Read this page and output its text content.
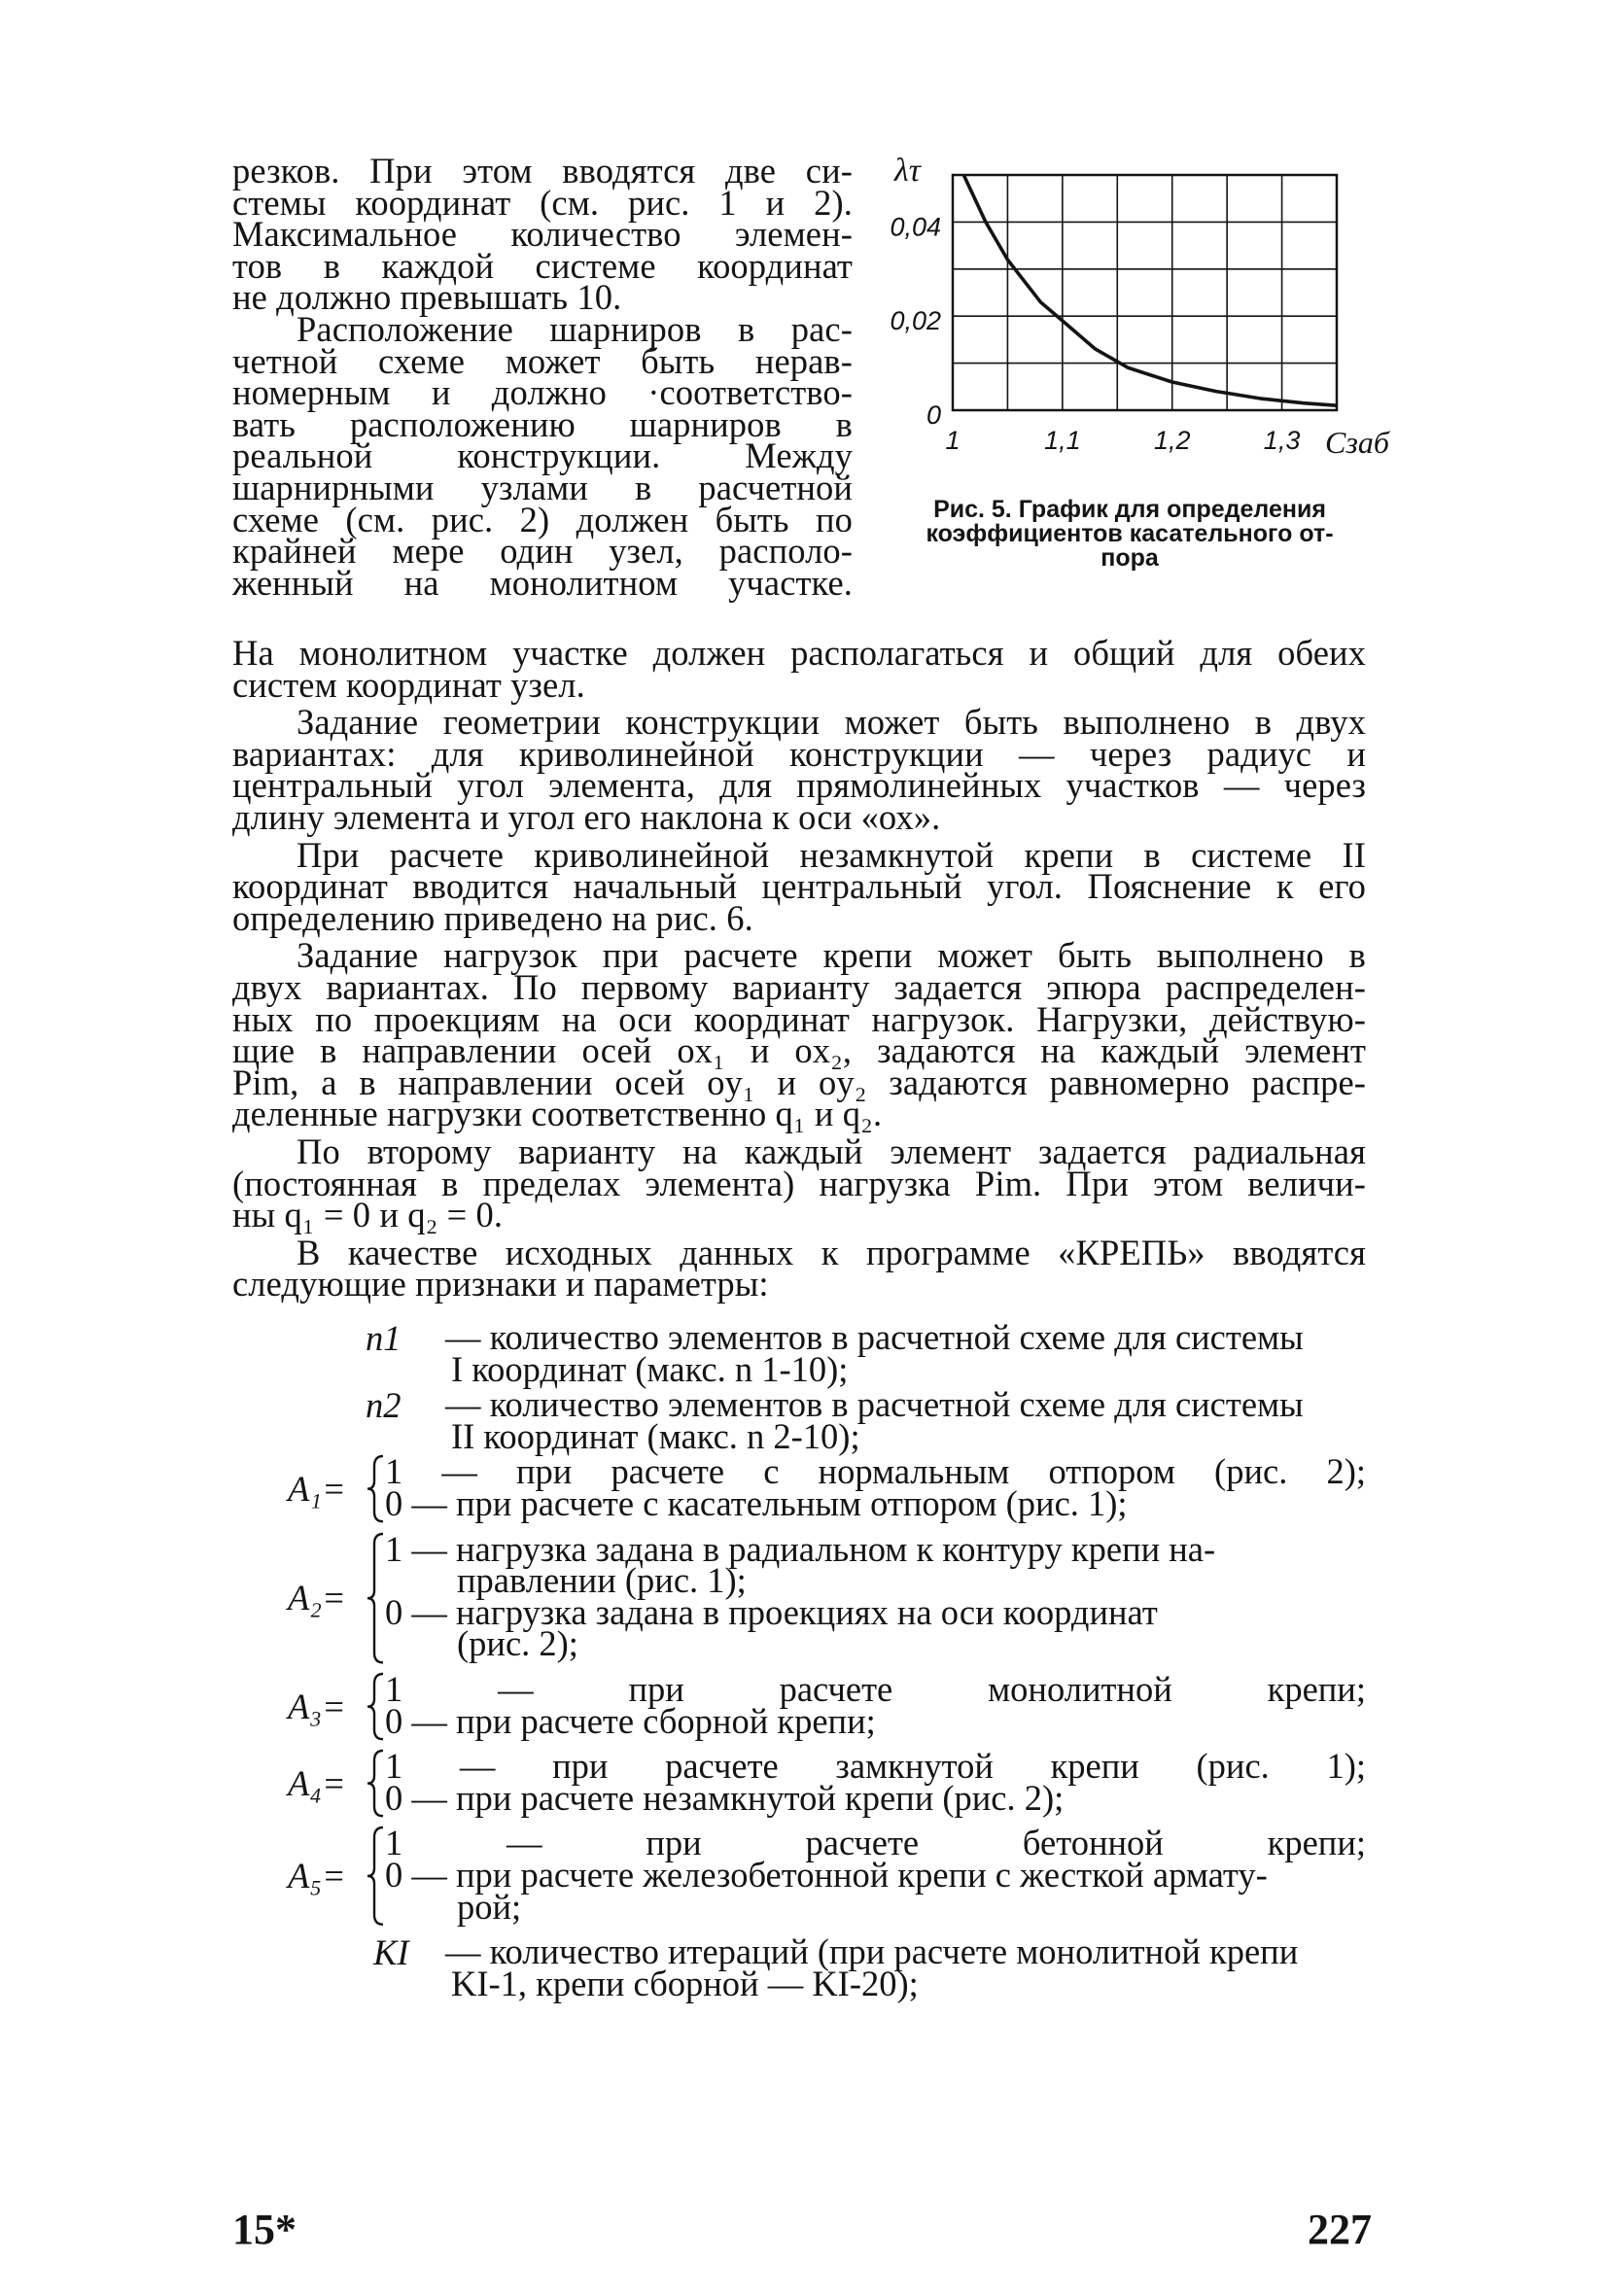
резков. При этом вводятся две си-
стемы координат (см. рис. 1 и 2).
Максимальное количество элемен-
тов в каждой системе координат
не должно превышать 10.
Расположение шарниров в рас-
четной схеме может быть нерав-
номерным и должно ·соответство-
вать расположению шарниров в
реальной конструкции. Между
шарнирными узлами в расчетной
схеме (см. рис. 2) должен быть по
крайней мере один узел, располо-
женный на монолитном участке.
0
0,02
0,04
1	1,1	1,2	1,3
λτ
Cзаб
Рис. 5. График для определения
коэффициентов касательного от-
пора
На монолитном участке должен располагаться и общий для обеих
систем координат узел.
Задание геометрии конструкции может быть выполнено в двух
вариантах: для криволинейной конструкции — через радиус и
центральный угол элемента, для прямолинейных участков — через
длину элемента и угол его наклона к оси «ох».
При расчете криволинейной незамкнутой крепи в системе II
координат вводится начальный центральный угол. Пояснение к его
определению приведено на рис. 6.
Задание нагрузок при расчете крепи может быть выполнено в
двух вариантах. По первому варианту задается эпюра распределен-
ных по проекциям на оси координат нагрузок. Нагрузки, действую-
щие в направлении осей ox₁ и ox₂, задаются на каждый элемент
Pim, а в направлении осей oy₁ и oy₂ задаются равномерно распре-
деленные нагрузки соответственно q₁ и q₂.
По второму варианту на каждый элемент задается радиальная
(постоянная в пределах элемента) нагрузка Pim. При этом величи-
ны q₁ = 0 и q₂ = 0.
В качестве исходных данных к программе «КРЕПЬ» вводятся
следующие признаки и параметры:
n1 — количество элементов в расчетной схеме для системы
I координат (макс. n 1-10);
n2 — количество элементов в расчетной схеме для системы
II координат (макс. n 2-10);
A₁= 1 — при расчете с нормальным отпором (рис. 2);
0 — при расчете с касательным отпором (рис. 1);
A₂=
1 — нагрузка задана в радиальном к контуру крепи на-
правлении (рис. 1);
0 — нагрузка задана в проекциях на оси координат
(рис. 2);
A₃= 1 — при расчете монолитной крепи;
0 — при расчете сборной крепи;
A₄= 1 — при расчете замкнутой крепи (рис. 1);
0 — при расчете незамкнутой крепи (рис. 2);
A₅=
1 — при расчете бетонной крепи;
0 — при расчете железобетонной крепи с жесткой армату-
рой;
KI — количество итераций (при расчете монолитной крепи
KI-1, крепи сборной — KI-20);
15*	227
